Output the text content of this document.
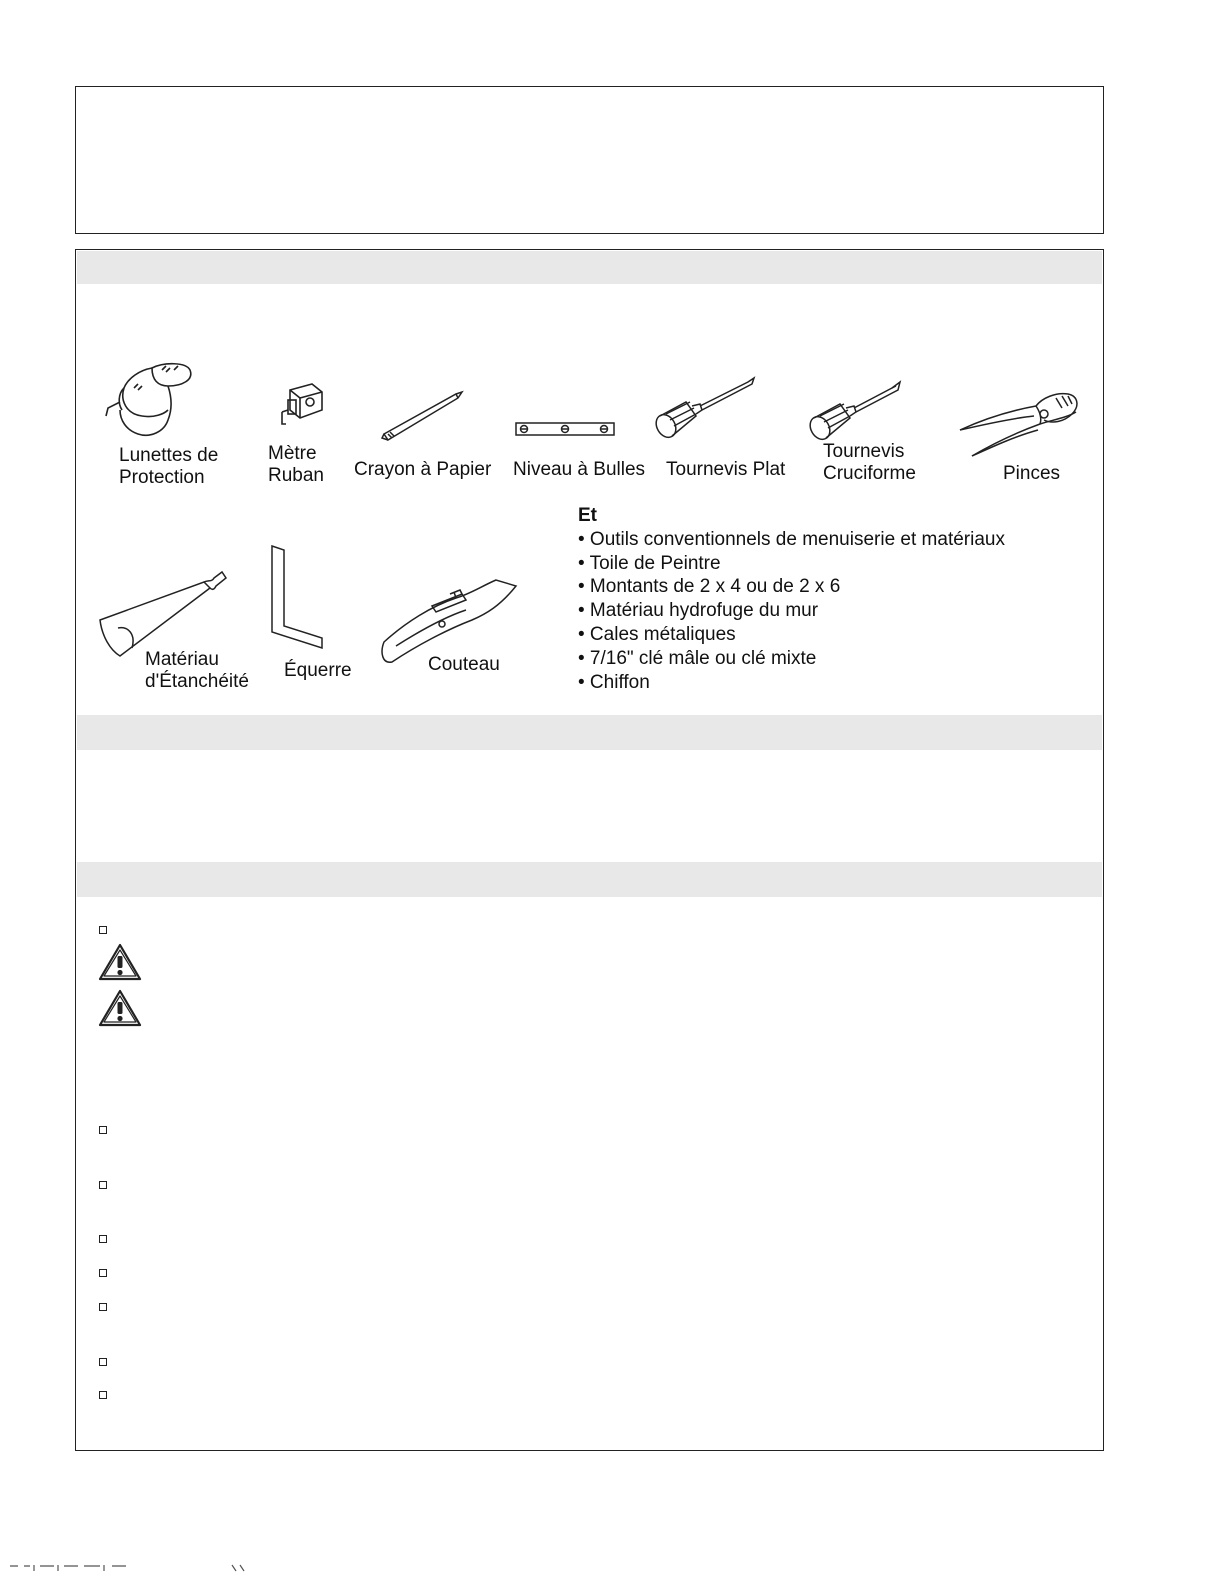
Lunettes de
Protection
Mètre
Ruban Crayon à Papier Niveau à Bulles Tournevis Plat
Tournevis
Cruciforme	Pinces
Matériau
d'Étanchéité
Équerre	Couteau
Et
• Outils conventionnels de menuiserie et matériaux
• Toile de Peintre
• Montants de 2 x 4 ou de 2 x 6
• Matériau hydrofuge du mur
• Cales métaliques
• 7/16" clé mâle ou clé mixte
• Chiffon
